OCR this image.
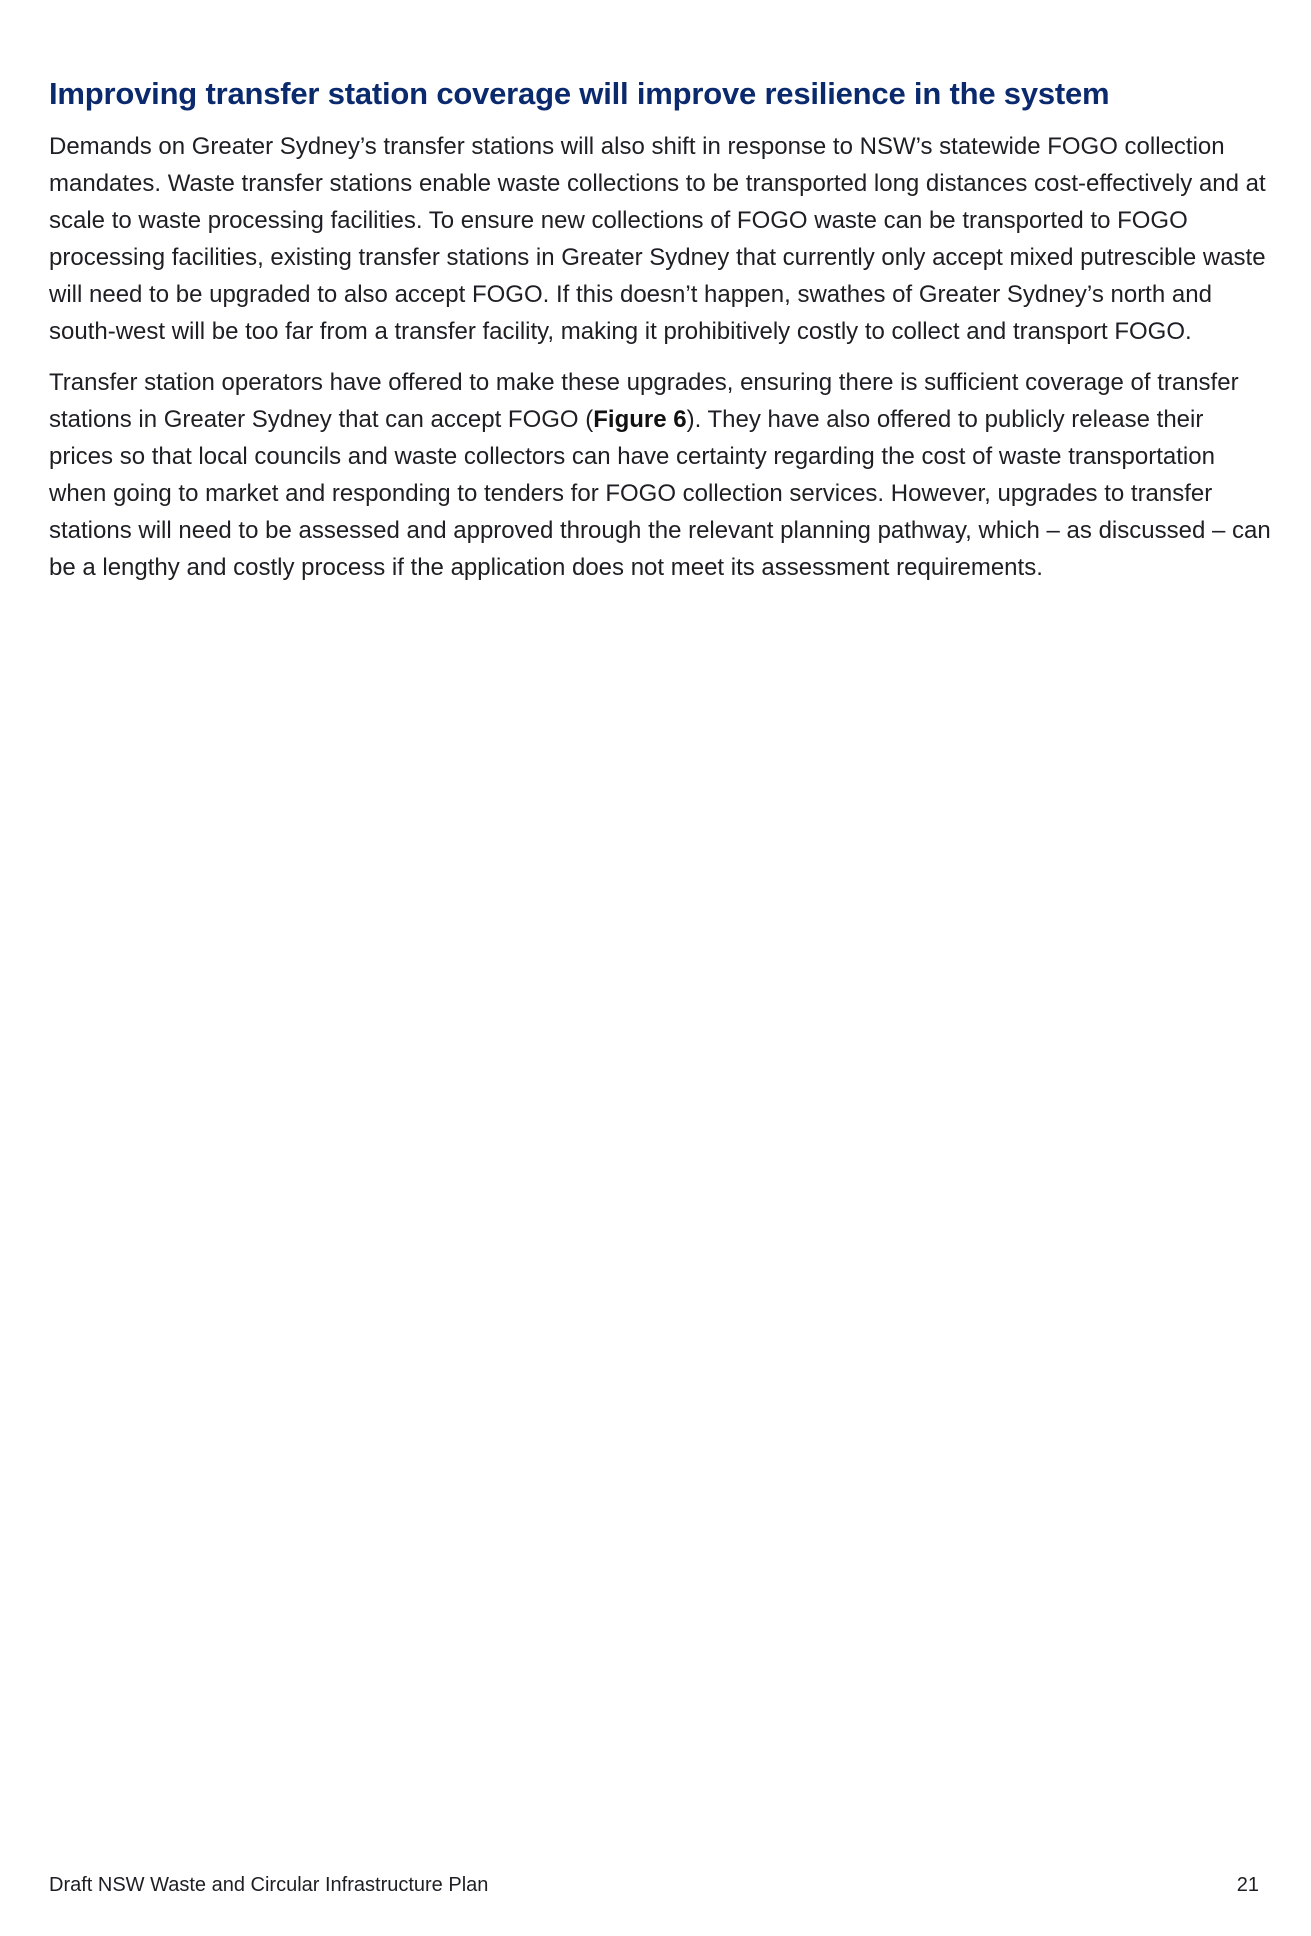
Improving transfer station coverage will improve resilience in the system

Demands on Greater Sydney’s transfer stations will also shift in response to NSW’s statewide FOGO collection mandates. Waste transfer stations enable waste collections to be transported long distances cost-effectively and at scale to waste processing facilities. To ensure new collections of FOGO waste can be transported to FOGO processing facilities, existing transfer stations in Greater Sydney that currently only accept mixed putrescible waste will need to be upgraded to also accept FOGO. If this doesn’t happen, swathes of Greater Sydney’s north and south-west will be too far from a transfer facility, making it prohibitively costly to collect and transport FOGO.

Transfer station operators have offered to make these upgrades, ensuring there is sufficient coverage of transfer stations in Greater Sydney that can accept FOGO (Figure 6). They have also offered to publicly release their prices so that local councils and waste collectors can have certainty regarding the cost of waste transportation when going to market and responding to tenders for FOGO collection services. However, upgrades to transfer stations will need to be assessed and approved through the relevant planning pathway, which – as discussed – can be a lengthy and costly process if the application does not meet its assessment requirements.

Draft NSW Waste and Circular Infrastructure Plan	21
